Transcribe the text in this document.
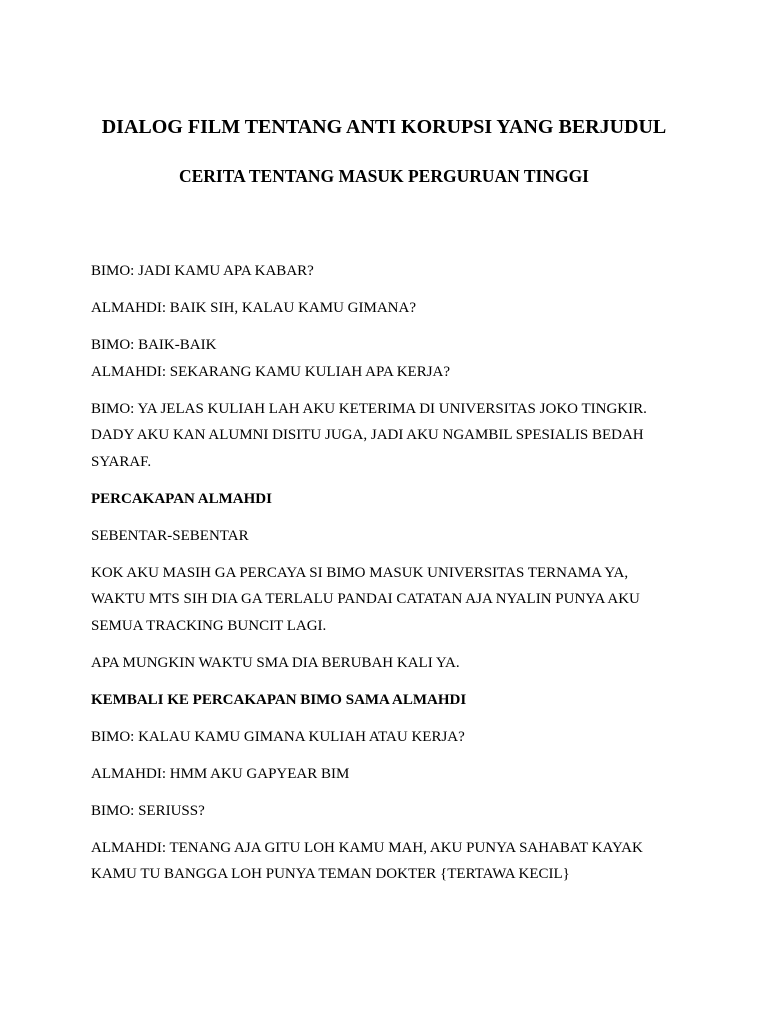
DIALOG FILM TENTANG ANTI KORUPSI YANG BERJUDUL
CERITA TENTANG MASUK PERGURUAN TINGGI

BIMO: JADI KAMU APA KABAR?

ALMAHDI: BAIK SIH, KALAU KAMU GIMANA?

BIMO: BAIK-BAIK

ALMAHDI: SEKARANG KAMU KULIAH APA KERJA?

BIMO: YA JELAS KULIAH LAH AKU KETERIMA DI UNIVERSITAS JOKO TINGKIR.
DADY AKU KAN ALUMNI DISITU JUGA, JADI AKU NGAMBIL SPESIALIS BEDAH
SYARAF.

PERCAKAPAN ALMAHDI

SEBENTAR-SEBENTAR

KOK AKU MASIH GA PERCAYA SI BIMO MASUK UNIVERSITAS TERNAMA YA,
WAKTU MTS SIH DIA GA TERLALU PANDAI CATATAN AJA NYALIN PUNYA AKU
SEMUA TRACKING BUNCIT LAGI.

APA MUNGKIN WAKTU SMA DIA BERUBAH KALI YA.

KEMBALI KE PERCAKAPAN BIMO SAMA ALMAHDI

BIMO: KALAU KAMU GIMANA KULIAH ATAU KERJA?

ALMAHDI: HMM AKU GAPYEAR BIM

BIMO: SERIUSS?

ALMAHDI: TENANG AJA GITU LOH KAMU MAH, AKU PUNYA SAHABAT KAYAK
KAMU TU BANGGA LOH PUNYA TEMAN DOKTER {TERTAWA KECIL}
